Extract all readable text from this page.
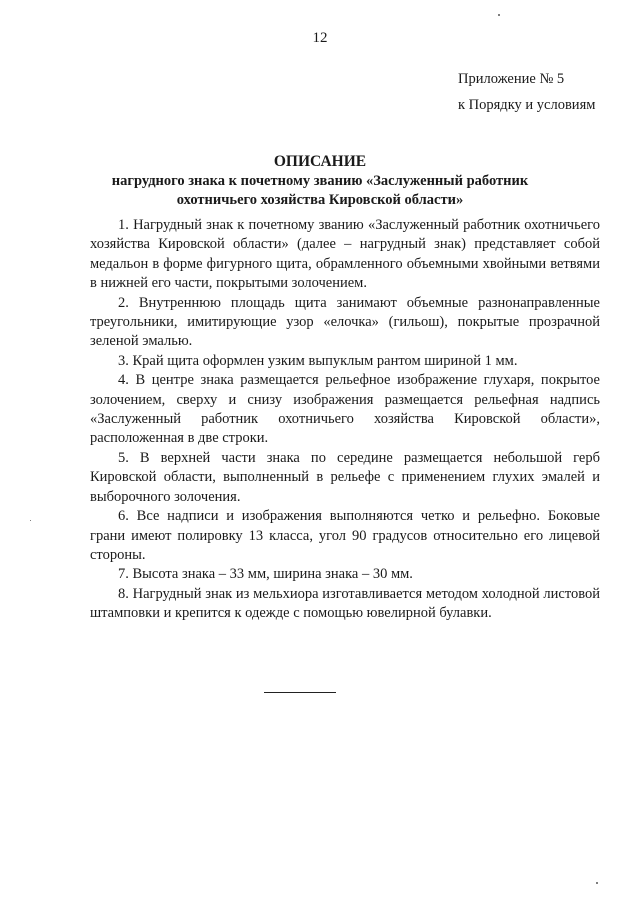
12
Приложение № 5
к Порядку и условиям
ОПИСАНИЕ
нагрудного знака к почетному званию «Заслуженный работник охотничьего хозяйства Кировской области»

1. Нагрудный знак к почетному званию «Заслуженный работник охотничьего хозяйства Кировской области» (далее – нагрудный знак) представляет собой медальон в форме фигурного щита, обрамленного объемными хвойными ветвями в нижней его части, покрытыми золочением.

2. Внутреннюю площадь щита занимают объемные разнонаправленные треугольники, имитирующие узор «елочка» (гильош), покрытые прозрачной зеленой эмалью.

3. Край щита оформлен узким выпуклым рантом шириной 1 мм.

4. В центре знака размещается рельефное изображение глухаря, покрытое золочением, сверху и снизу изображения размещается рельефная надпись «Заслуженный работник охотничьего хозяйства Кировской области», расположенная в две строки.

5. В верхней части знака по середине размещается небольшой герб Кировской области, выполненный в рельефе с применением глухих эмалей и выборочного золочения.

6. Все надписи и изображения выполняются четко и рельефно. Боковые грани имеют полировку 13 класса, угол 90 градусов относительно его лицевой стороны.

7. Высота знака – 33 мм, ширина знака – 30 мм.

8. Нагрудный знак из мельхиора изготавливается методом холодной листовой штамповки и крепится к одежде с помощью ювелирной булавки.
